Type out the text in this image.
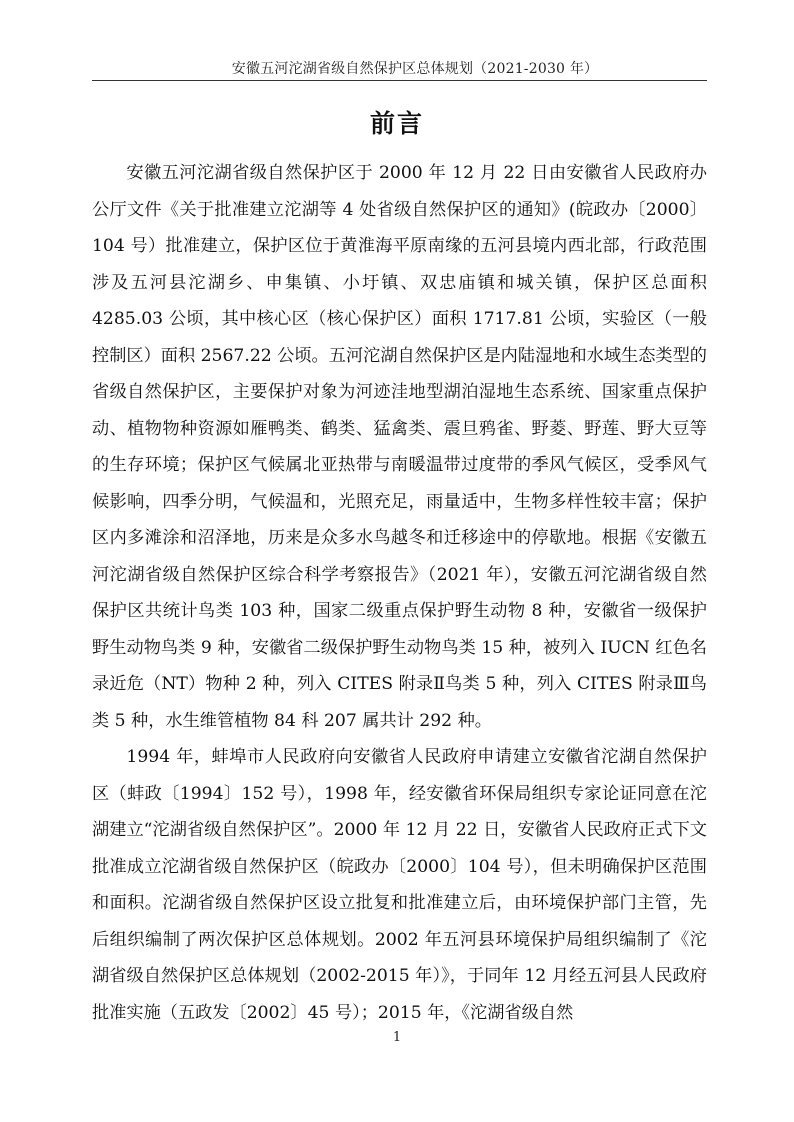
安徽五河沱湖省级自然保护区总体规划（2021-2030 年）
前言

安徽五河沱湖省级自然保护区于 2000 年 12 月 22 日由安徽省人民政府办公厅文件《关于批准建立沱湖等 4 处省级自然保护区的通知》(皖政办〔2000〕104 号）批准建立，保护区位于黄淮海平原南缘的五河县境内西北部，行政范围涉及五河县沱湖乡、申集镇、小圩镇、双忠庙镇和城关镇，保护区总面积 4285.03 公顷，其中核心区（核心保护区）面积 1717.81 公顷，实验区（一般控制区）面积 2567.22 公顷。五河沱湖自然保护区是内陆湿地和水域生态类型的省级自然保护区，主要保护对象为河迹洼地型湖泊湿地生态系统、国家重点保护动、植物物种资源如雁鸭类、鹤类、猛禽类、震旦鸦雀、野菱、野莲、野大豆等的生存环境；保护区气候属北亚热带与南暖温带过度带的季风气候区，受季风气候影响，四季分明，气候温和，光照充足，雨量适中，生物多样性较丰富；保护区内多滩涂和沼泽地，历来是众多水鸟越冬和迁移途中的停歇地。根据《安徽五河沱湖省级自然保护区综合科学考察报告》（2021 年），安徽五河沱湖省级自然保护区共统计鸟类 103 种，国家二级重点保护野生动物 8 种，安徽省一级保护野生动物鸟类 9 种，安徽省二级保护野生动物鸟类 15 种，被列入 IUCN 红色名录近危（NT）物种 2 种，列入 CITES 附录Ⅱ鸟类 5 种，列入 CITES 附录Ⅲ鸟类 5 种，水生维管植物 84 科 207 属共计 292 种。

1994 年，蚌埠市人民政府向安徽省人民政府申请建立安徽省沱湖自然保护区（蚌政〔1994〕152 号），1998 年，经安徽省环保局组织专家论证同意在沱湖建立“沱湖省级自然保护区”。2000 年 12 月 22 日，安徽省人民政府正式下文批准成立沱湖省级自然保护区（皖政办〔2000〕104 号），但未明确保护区范围和面积。沱湖省级自然保护区设立批复和批准建立后，由环境保护部门主管，先后组织编制了两次保护区总体规划。2002 年五河县环境保护局组织编制了《沱湖省级自然保护区总体规划（2002-2015 年）》，于同年 12 月经五河县人民政府批准实施（五政发〔2002〕45 号）；2015 年，《沱湖省级自然

1
